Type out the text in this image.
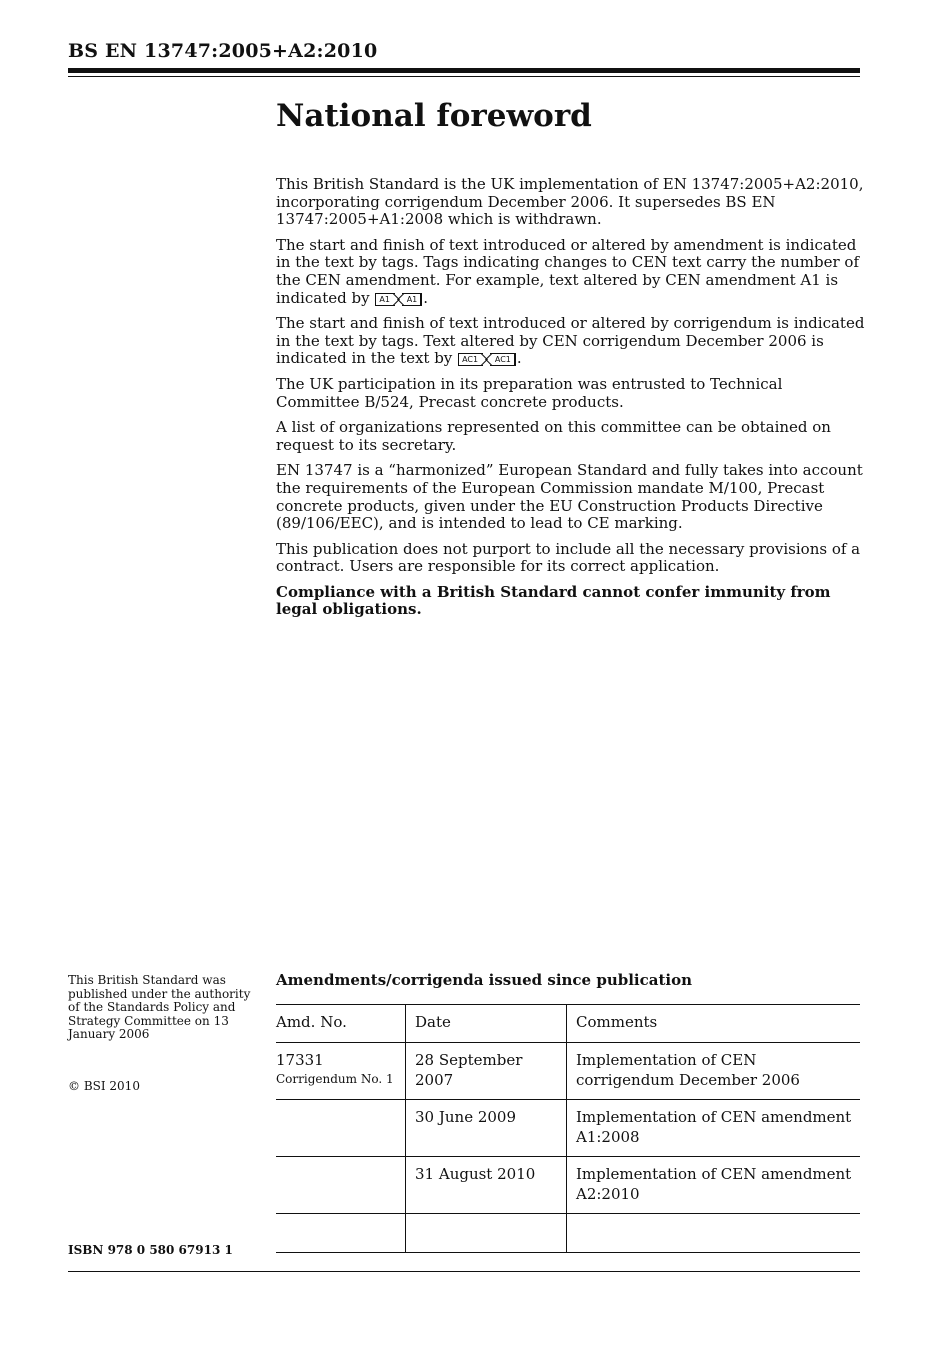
BS EN 13747:2005+A2:2010
National foreword

This British Standard is the UK implementation of EN 13747:2005+A2:2010, incorporating corrigendum December 2006. It supersedes BS EN 13747:2005+A1:2008 which is withdrawn.

The start and finish of text introduced or altered by amendment is indicated in the text by tags. Tags indicating changes to CEN text carry the number of the CEN amendment. For example, text altered by CEN amendment A1 is indicated by A1 A1 .

The start and finish of text introduced or altered by corrigendum is indicated in the text by tags. Text altered by CEN corrigendum December 2006 is indicated in the text by AC1 AC1 .

The UK participation in its preparation was entrusted to Technical Committee B/524, Precast concrete products.

A list of organizations represented on this committee can be obtained on request to its secretary.

EN 13747 is a “harmonized” European Standard and fully takes into account the requirements of the European Commission mandate M/100, Precast concrete products, given under the EU Construction Products Directive (89/106/EEC), and is intended to lead to CE marking.

This publication does not purport to include all the necessary provisions of a contract. Users are responsible for its correct application.

Compliance with a British Standard cannot confer immunity from legal obligations.

This British Standard was published under the authority of the Standards Policy and Strategy Committee on 13 January 2006
© BSI 2010
ISBN 978 0 580 67913 1
Amendments/corrigenda issued since publication
Amd. No.	Date	Comments
17331
Corrigendum No. 1	28 September 2007	Implementation of CEN corrigendum December 2006
	30 June 2009	Implementation of CEN amendment A1:2008
	31 August 2010	Implementation of CEN amendment A2:2010
